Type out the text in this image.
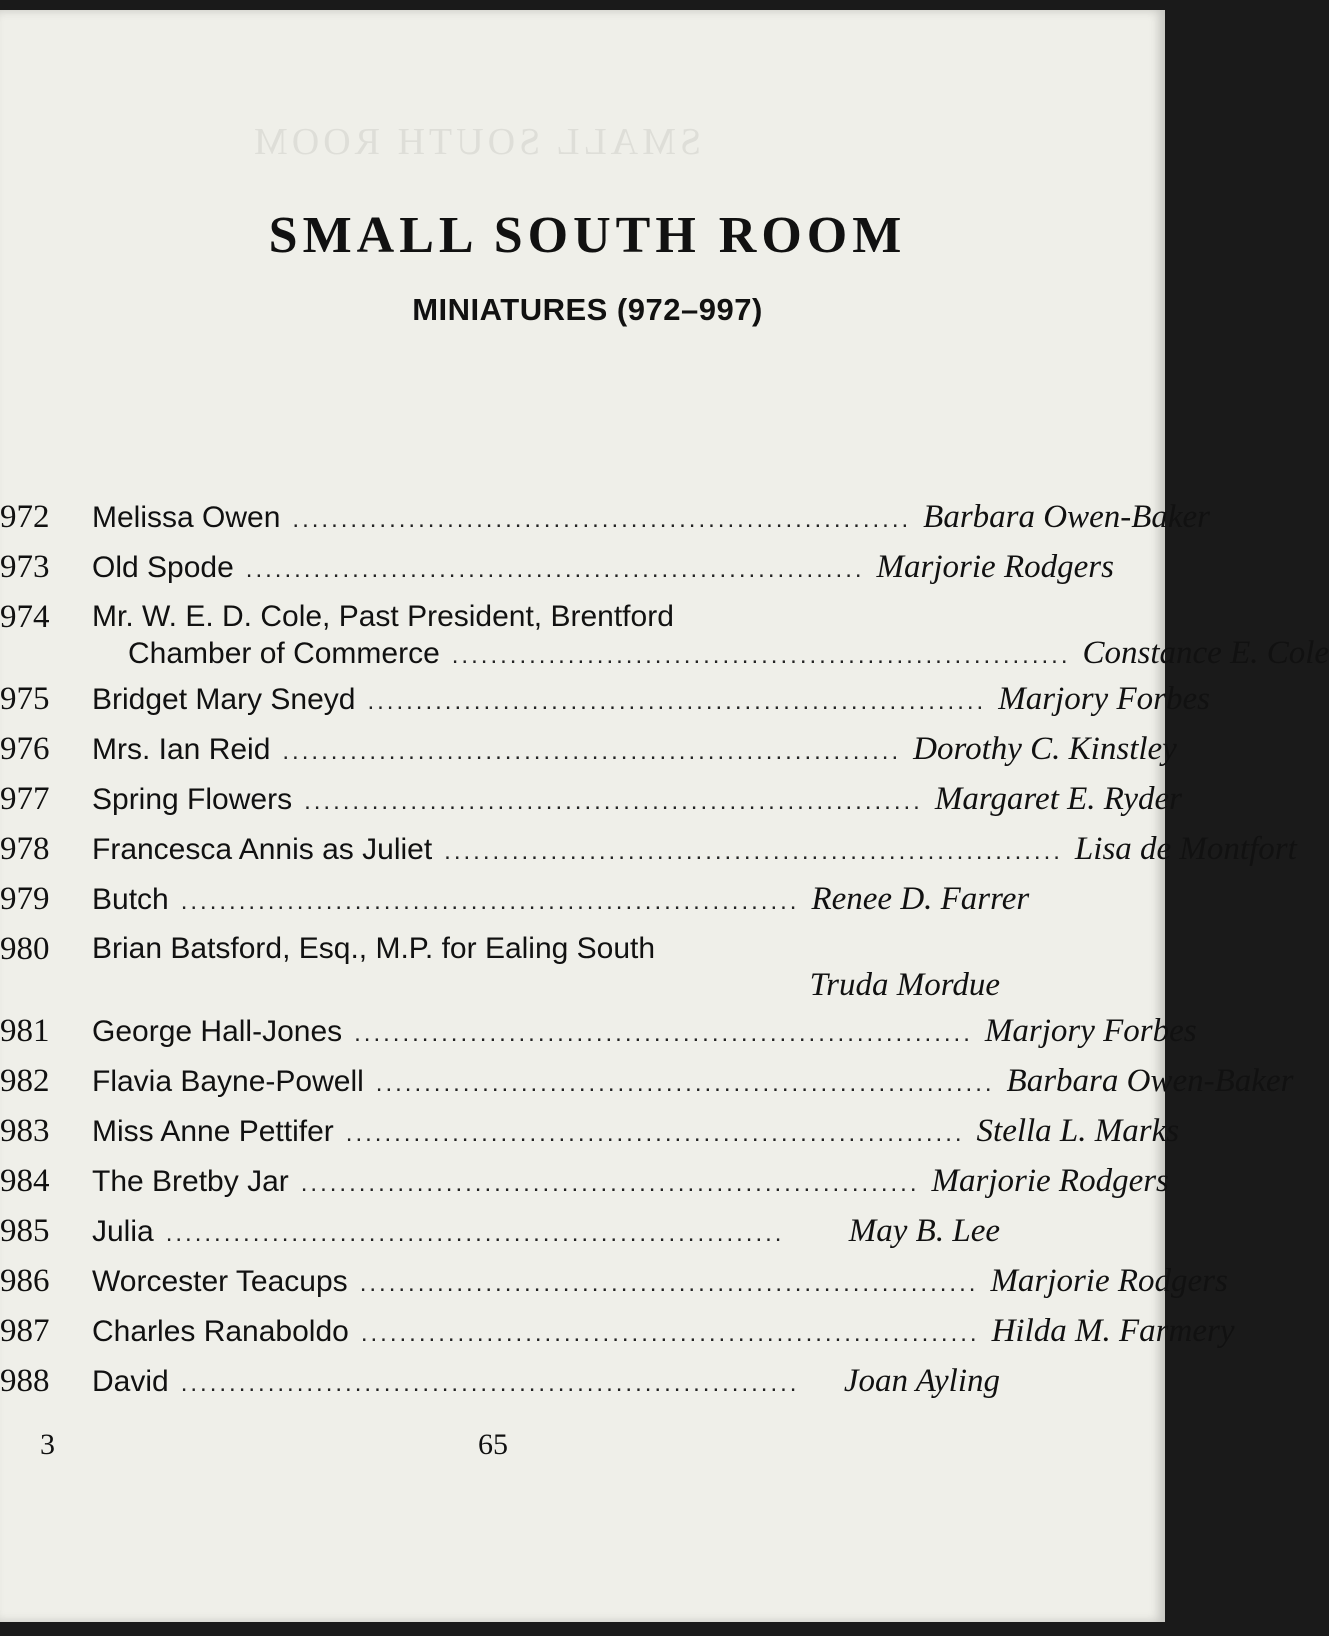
SMALL SOUTH ROOM
SMALL SOUTH ROOM
MINIATURES (972–997)
972	Melissa Owen ................................................................ Barbara Owen-Baker
973	Old Spode ................................................................ Marjorie Rodgers
974	Mr. W. E. D. Cole, Past President, Brentford
Chamber of Commerce ................................................................ Constance E. Cole
975	Bridget Mary Sneyd ................................................................ Marjory Forbes
976	Mrs. Ian Reid ................................................................ Dorothy C. Kinstley
977	Spring Flowers ................................................................ Margaret E. Ryder
978	Francesca Annis as Juliet ................................................................ Lisa de Montfort
979	Butch ................................................................ Renee D. Farrer
980	Brian Batsford, Esq., M.P. for Ealing South
Truda Mordue
981	George Hall-Jones ................................................................ Marjory Forbes
982	Flavia Bayne-Powell ................................................................ Barbara Owen-Baker
983	Miss Anne Pettifer ................................................................ Stella L. Marks
984	The Bretby Jar ................................................................ Marjorie Rodgers
985	Julia ................................................................	May B. Lee
986	Worcester Teacups ................................................................ Marjorie Rodgers
987	Charles Ranaboldo ................................................................ Hilda M. Farmery
988	David ................................................................	Joan Ayling
3	65
